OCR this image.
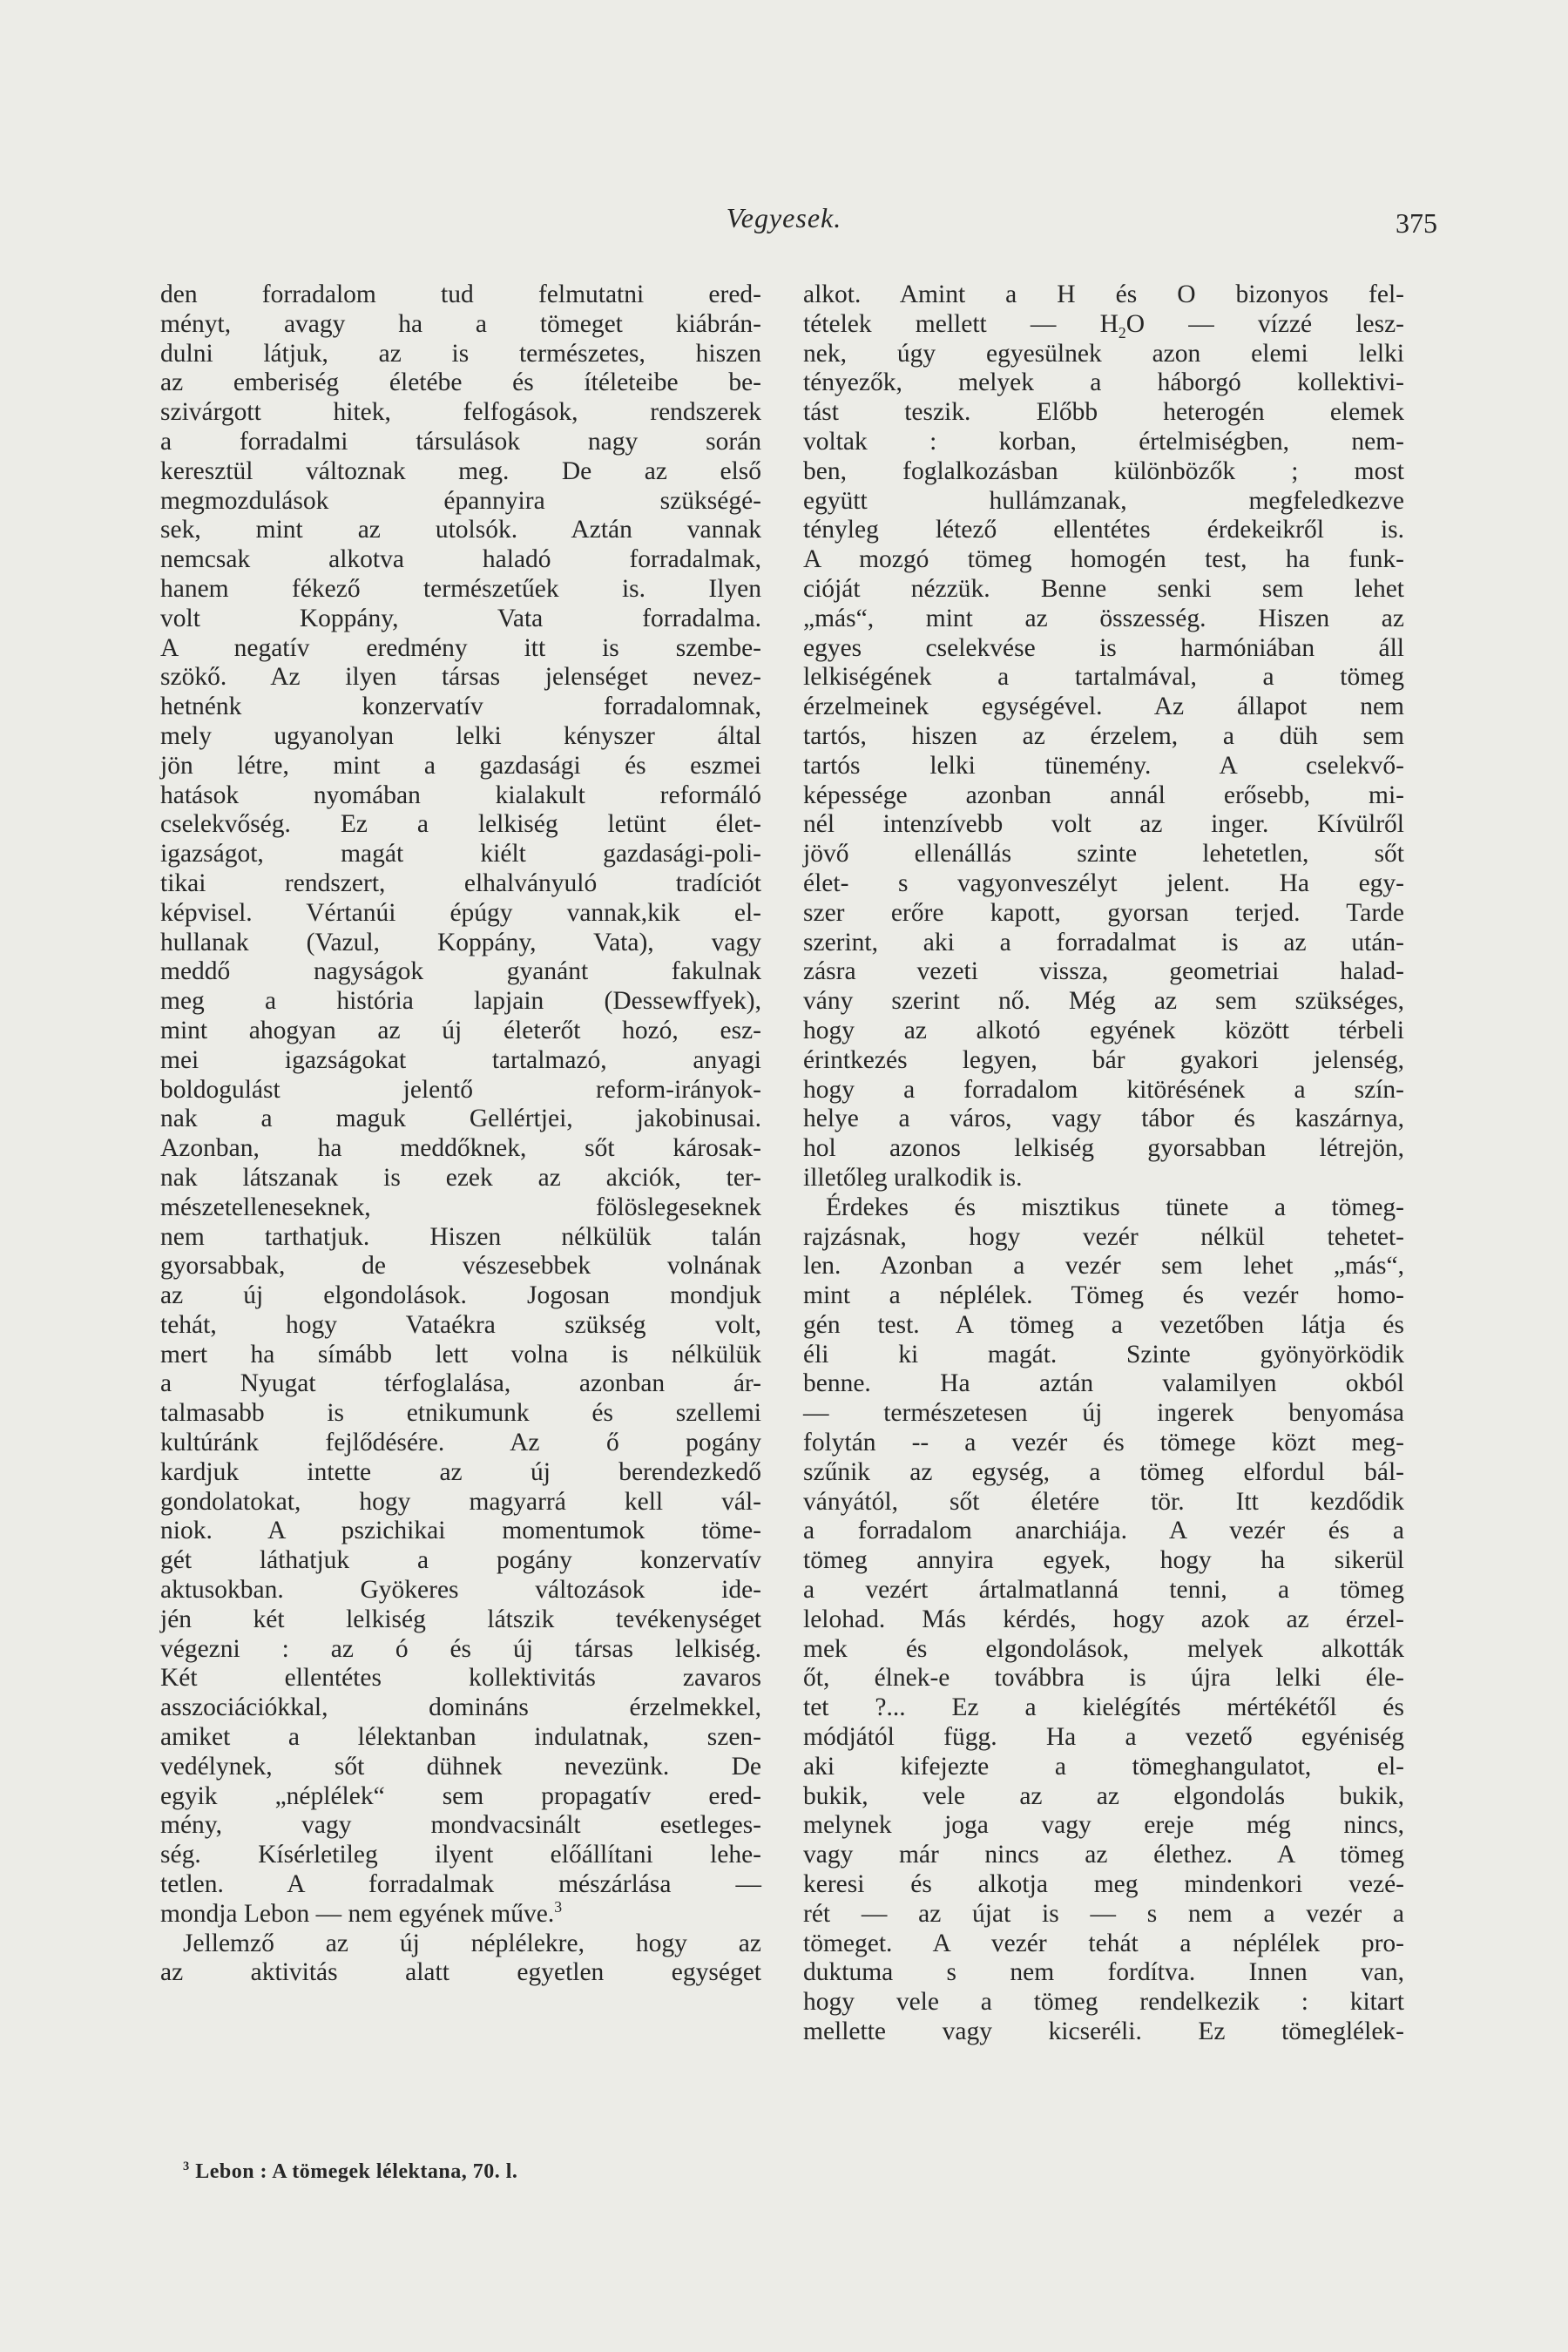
Vegyesek.	375
den forradalom tud felmutatni ered-
ményt, avagy ha a tömeget kiábrán-
dulni látjuk, az is természetes, hiszen
az emberiség életébe és ítéleteibe be-
szivárgott hitek, felfogások, rendszerek
a forradalmi társulások nagy során
keresztül változnak meg. De az első
megmozdulások épannyira szükségé-
sek, mint az utolsók. Aztán vannak
nemcsak alkotva haladó forradalmak,
hanem fékező természetűek is. Ilyen
volt Koppány, Vata forradalma.
A negatív eredmény itt is szembe-
szökő. Az ilyen társas jelenséget nevez-
hetnénk konzervatív forradalomnak,
mely ugyanolyan lelki kényszer által
jön létre, mint a gazdasági és eszmei
hatások nyomában kialakult reformáló
cselekvőség. Ez a lelkiség letünt élet-
igazságot, magát kiélt gazdasági-poli-
tikai rendszert, elhalványuló tradíciót
képvisel. Vértanúi épúgy vannak,kik el-
hullanak (Vazul, Koppány, Vata), vagy
meddő nagyságok gyanánt fakulnak
meg a história lapjain (Dessewffyek),
mint ahogyan az új életerőt hozó, esz-
mei igazságokat tartalmazó, anyagi
boldogulást jelentő reform-irányok-
nak a maguk Gellértjei, jakobinusai.
Azonban, ha meddőknek, sőt károsak-
nak látszanak is ezek az akciók, ter-
mészetelleneseknek, fölöslegeseknek
nem tarthatjuk. Hiszen nélkülük talán
gyorsabbak, de vészesebbek volnának
az új elgondolások. Jogosan mondjuk
tehát, hogy Vataékra szükség volt,
mert ha símább lett volna is nélkülük
a Nyugat térfoglalása, azonban ár-
talmasabb is etnikumunk és szellemi
kultúránk fejlődésére. Az ő pogány
kardjuk intette az új berendezkedő
gondolatokat, hogy magyarrá kell vál-
niok. A pszichikai momentumok töme-
gét láthatjuk a pogány konzervatív
aktusokban. Gyökeres változások ide-
jén két lelkiség látszik tevékenységet
végezni : az ó és új társas lelkiség.
Két ellentétes kollektivitás zavaros
asszociációkkal, domináns érzelmekkel,
amiket a lélektanban indulatnak, szen-
vedélynek, sőt dühnek nevezünk. De
egyik „néplélek“ sem propagatív ered-
mény, vagy mondvacsinált esetleges-
ség. Kísérletileg ilyent előállítani lehe-
tetlen. A forradalmak mészárlása —
mondja Lebon — nem egyének műve.$^3$
Jellemző az új néplélekre, hogy az
az aktivitás alatt egyetlen egységet
alkot. Amint a H és O bizonyos fel-
tételek mellett — $H_2O$ — vízzé lesz-
nek, úgy egyesülnek azon elemi lelki
tényezők, melyek a háborgó kollektivi-
tást teszik. Előbb heterogén elemek
voltak : korban, értelmiségben, nem-
ben, foglalkozásban különbözők ; most
együtt hullámzanak, megfeledkezve
tényleg létező ellentétes érdekeikről is.
A mozgó tömeg homogén test, ha funk-
cióját nézzük. Benne senki sem lehet
„más“, mint az összesség. Hiszen az
egyes cselekvése is harmóniában áll
lelkiségének a tartalmával, a tömeg
érzelmeinek egységével. Az állapot nem
tartós, hiszen az érzelem, a düh sem
tartós lelki tünemény. A cselekvő-
képessége azonban annál erősebb, mi-
nél intenzívebb volt az inger. Kívülről
jövő ellenállás szinte lehetetlen, sőt
élet- s vagyonveszélyt jelent. Ha egy-
szer erőre kapott, gyorsan terjed. Tarde
szerint, aki a forradalmat is az után-
zásra vezeti vissza, geometriai halad-
vány szerint nő. Még az sem szükséges,
hogy az alkotó egyének között térbeli
érintkezés legyen, bár gyakori jelenség,
hogy a forradalom kitörésének a szín-
helye a város, vagy tábor és kaszárnya,
hol azonos lelkiség gyorsabban létrejön,
illetőleg uralkodik is.
Érdekes és misztikus tünete a tömeg-
rajzásnak, hogy vezér nélkül tehetet-
len. Azonban a vezér sem lehet „más“,
mint a néplélek. Tömeg és vezér homo-
gén test. A tömeg a vezetőben látja és
éli ki magát. Szinte gyönyörködik
benne. Ha aztán valamilyen okból
— természetesen új ingerek benyomása
folytán -- a vezér és tömege közt meg-
szűnik az egység, a tömeg elfordul bál-
ványától, sőt életére tör. Itt kezdődik
a forradalom anarchiája. A vezér és a
tömeg annyira egyek, hogy ha sikerül
a vezért ártalmatlanná tenni, a tömeg
lelohad. Más kérdés, hogy azok az érzel-
mek és elgondolások, melyek alkották
őt, élnek-e továbbra is újra lelki éle-
tet ?... Ez a kielégítés mértékétől és
módjától függ. Ha a vezető egyéniség
aki kifejezte a tömeghangulatot, el-
bukik, vele az az elgondolás bukik,
melynek joga vagy ereje még nincs,
vagy már nincs az élethez. A tömeg
keresi és alkotja meg mindenkori vezé-
rét — az újat is — s nem a vezér a
tömeget. A vezér tehát a néplélek pro-
duktuma s nem fordítva. Innen van,
hogy vele a tömeg rendelkezik : kitart
mellette vagy kicseréli. Ez tömeglélek-
$^3$ Lebon : A tömegek lélektana, 70. l.
